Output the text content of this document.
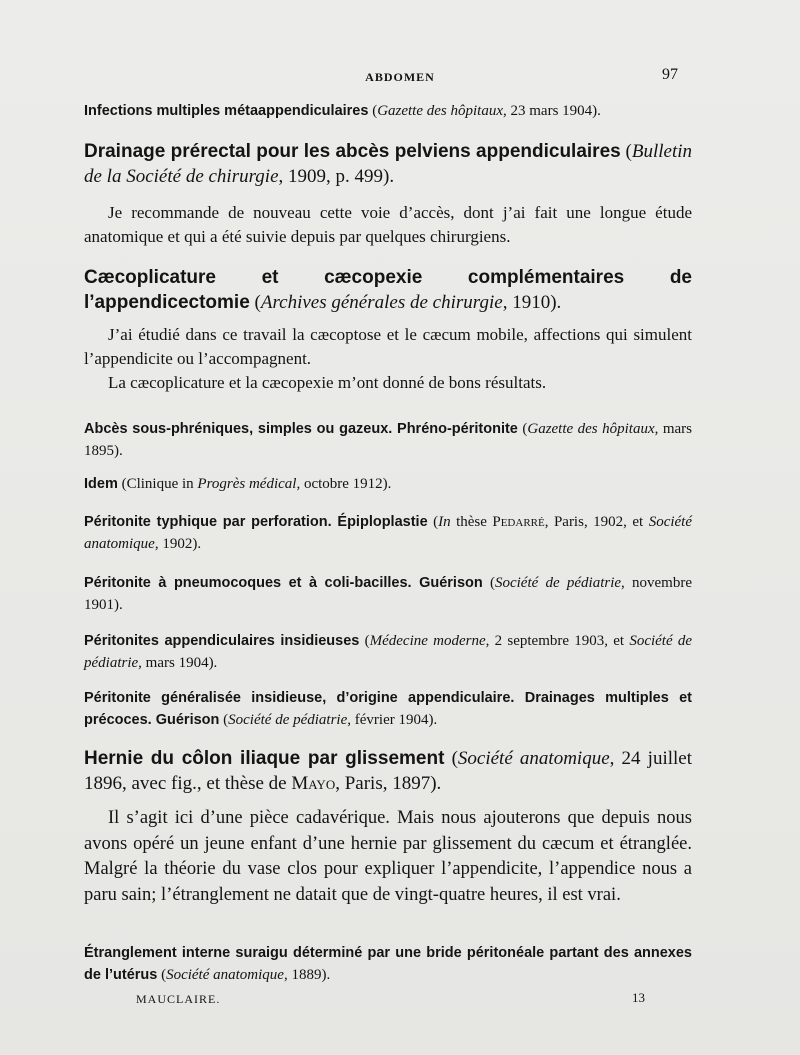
ABDOMEN	97

Infections multiples métaappendiculaires (Gazette des hôpitaux, 23 mars 1904).

Drainage prérectal pour les abcès pelviens appendiculaires (Bulletin de la Société de chirurgie, 1909, p. 499).

Je recommande de nouveau cette voie d’accès, dont j’ai fait une longue étude anatomique et qui a été suivie depuis par quelques chirurgiens.

Cæcoplicature et cæcopexie complémentaires de l’appendicectomie (Archives générales de chirurgie, 1910).

J’ai étudié dans ce travail la cæcoptose et le cæcum mobile, affections qui simulent l’appendicite ou l’accompagnent.

La cæcoplicature et la cæcopexie m’ont donné de bons résultats.

Abcès sous-phréniques, simples ou gazeux. Phréno-péritonite (Gazette des hôpitaux, mars 1895).

Idem (Clinique in Progrès médical, octobre 1912).

Péritonite typhique par perforation. Épiploplastie (In thèse Pedarré, Paris, 1902, et Société anatomique, 1902).

Péritonite à pneumocoques et à coli-bacilles. Guérison (Société de pédiatrie, novembre 1901).

Péritonites appendiculaires insidieuses (Médecine moderne, 2 septembre 1903, et Société de pédiatrie, mars 1904).

Péritonite généralisée insidieuse, d’origine appendiculaire. Drainages multiples et précoces. Guérison (Société de pédiatrie, février 1904).

Hernie du côlon iliaque par glissement (Société anatomique, 24 juillet 1896, avec fig., et thèse de Mayo, Paris, 1897).

Il s’agit ici d’une pièce cadavérique. Mais nous ajouterons que depuis nous avons opéré un jeune enfant d’une hernie par glissement du cæcum et étranglée. Malgré la théorie du vase clos pour expliquer l’appendicite, l’appendice nous a paru sain; l’étranglement ne datait que de vingt-quatre heures, il est vrai.

Étranglement interne suraigu déterminé par une bride péritonéale partant des annexes de l’utérus (Société anatomique, 1889).

MAUCLAIRE.	13
